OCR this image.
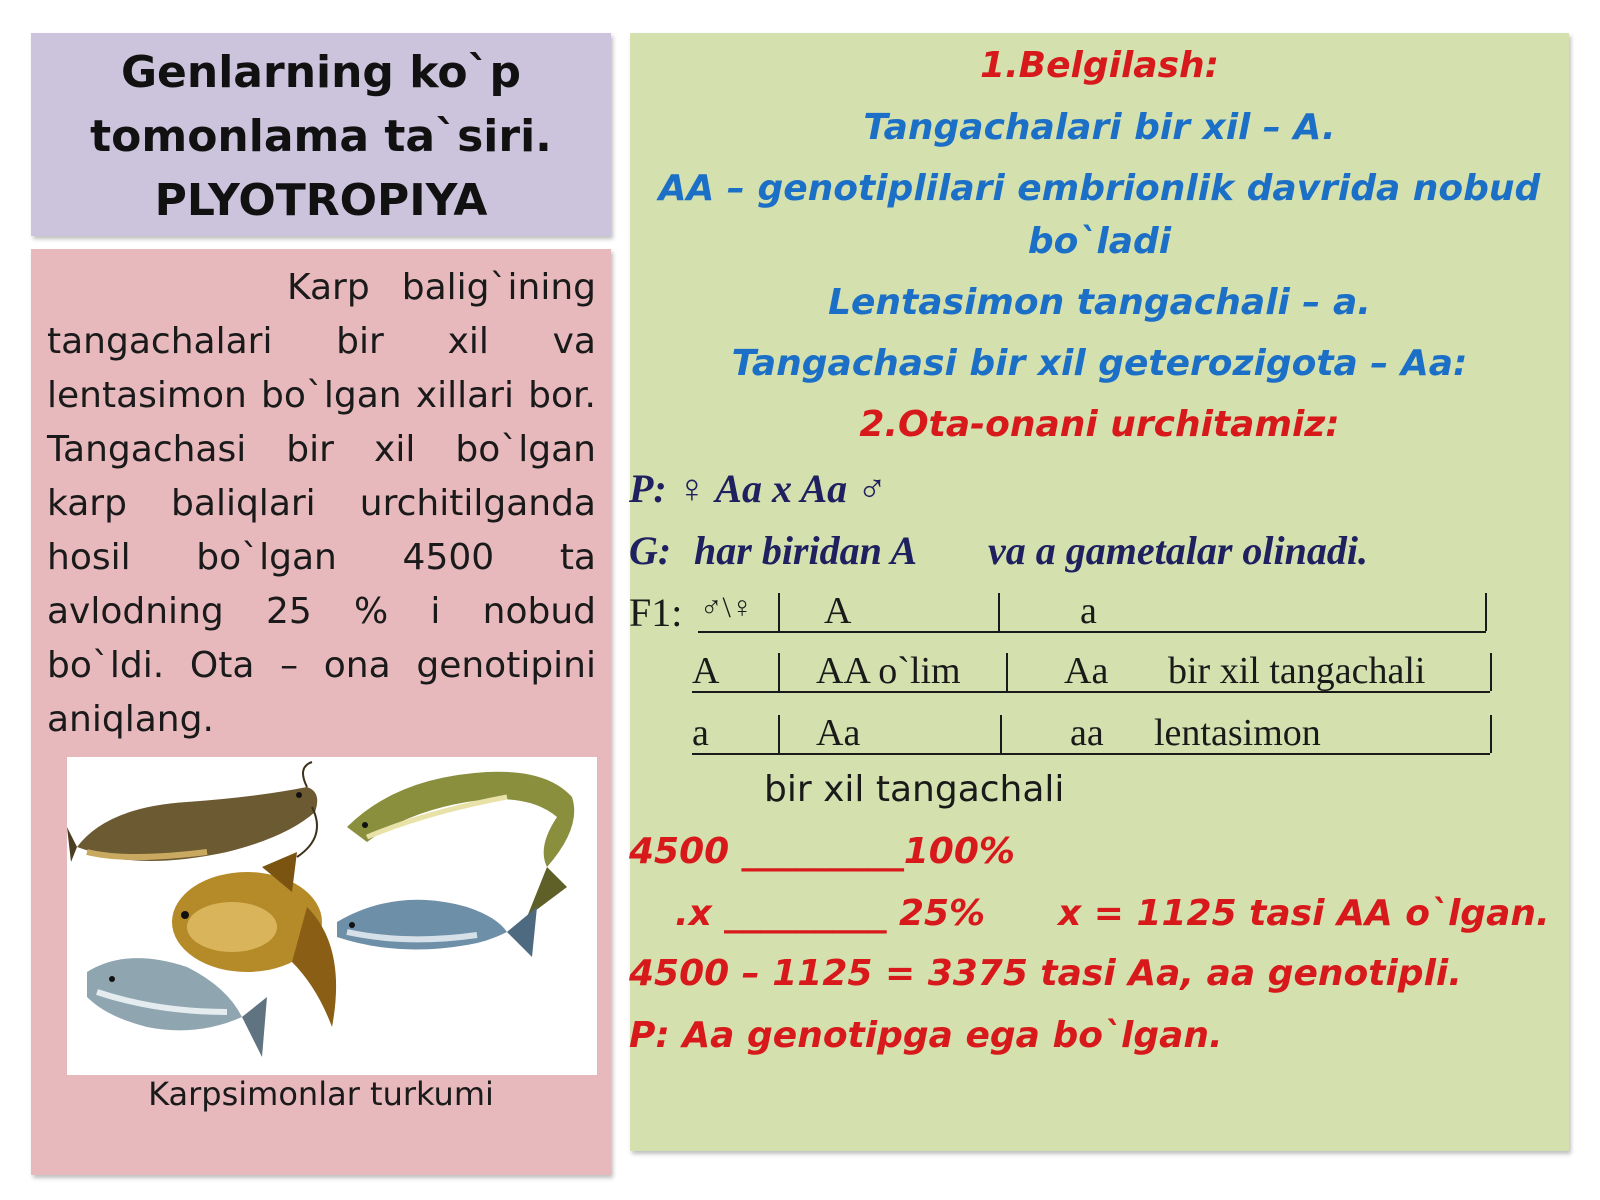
Genlarning ko`p
tomonlama ta`siri.
PLYOTROPIYA
Karp balig`ining tangachalari bir xil va lentasimon bo`lgan xillari bor. Tangachasi bir xil bo`lgan karp baliqlari urchitilganda hosil bo`lgan 4500 ta avlodning 25 % i nobud bo`ldi. Ota – ona genotipini aniqlang.
Karpsimonlar turkumi
1.Belgilash:
Tangachalari bir xil – A.
AA – genotiplilari embrionlik davrida nobud
bo`ladi
Lentasimon tangachali – a.
Tangachasi bir xil geterozigota – Aa:
2.Ota-onani urchitamiz:
P: ♀ Aa x Aa ♂
G: har biridan A va a gametalar olinadi.
F1: ♂\♀ A	a
A	AA o`lim	Aa bir xil tangachali
a	Aa	aa lentasimon
bir xil tangachali
4500 _________100%
.x _________ 25% x = 1125 tasi AA o`lgan.
4500 – 1125 = 3375 tasi Aa, aa genotipli.
P: Aa genotipga ega bo`lgan.
